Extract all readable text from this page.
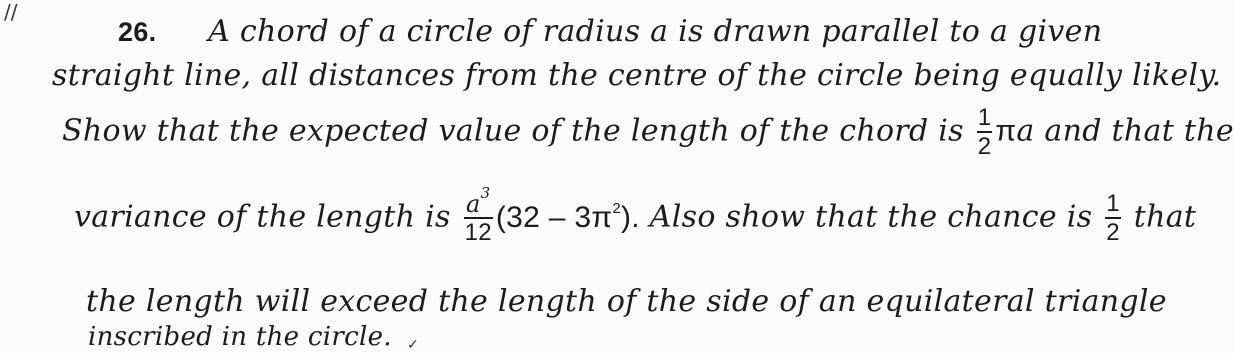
//
26. A chord of a circle of radius a is drawn parallel to a given
straight line, all distances from the centre of the circle being equally likely.
Show that the expected value of the length of the chord is $\frac{1}{2}$ πa and that the
variance of the length is $\frac{a^3}{12} (32 - 3\pi^2)$. Also show that the chance is $\frac{1}{2}$ that
the length will exceed the length of the side of an equilateral triangle
inscribed in the circle. ✓
